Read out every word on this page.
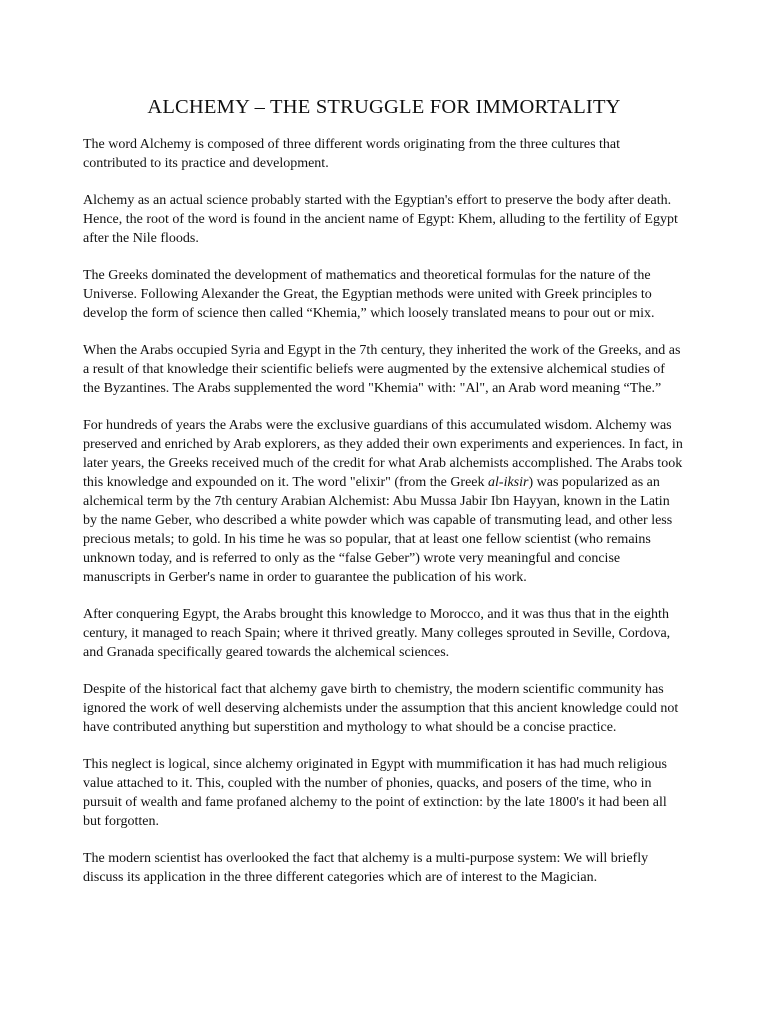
ALCHEMY – THE STRUGGLE FOR IMMORTALITY

The word Alchemy is composed of three different words originating from the three cultures that contributed to its practice and development.

Alchemy as an actual science probably started with the Egyptian's effort to preserve the body after death. Hence, the root of the word is found in the ancient name of Egypt: Khem, alluding to the fertility of Egypt after the Nile floods.

The Greeks dominated the development of mathematics and theoretical formulas for the nature of the Universe. Following Alexander the Great, the Egyptian methods were united with Greek principles to develop the form of science then called “Khemia,” which loosely translated means to pour out or mix.

When the Arabs occupied Syria and Egypt in the 7th century, they inherited the work of the Greeks, and as a result of that knowledge their scientific beliefs were augmented by the extensive alchemical studies of the Byzantines. The Arabs supplemented the word "Khemia" with: "Al", an Arab word meaning “The.”

For hundreds of years the Arabs were the exclusive guardians of this accumulated wisdom. Alchemy was preserved and enriched by Arab explorers, as they added their own experiments and experiences. In fact, in later years, the Greeks received much of the credit for what Arab alchemists accomplished. The Arabs took this knowledge and expounded on it. The word "elixir" (from the Greek al-iksir) was popularized as an alchemical term by the 7th century Arabian Alchemist: Abu Mussa Jabir Ibn Hayyan, known in the Latin by the name Geber, who described a white powder which was capable of transmuting lead, and other less precious metals; to gold. In his time he was so popular, that at least one fellow scientist (who remains unknown today, and is referred to only as the “false Geber”) wrote very meaningful and concise manuscripts in Gerber's name in order to guarantee the publication of his work.

After conquering Egypt, the Arabs brought this knowledge to Morocco, and it was thus that in the eighth century, it managed to reach Spain; where it thrived greatly. Many colleges sprouted in Seville, Cordova, and Granada specifically geared towards the alchemical sciences.

Despite of the historical fact that alchemy gave birth to chemistry, the modern scientific community has ignored the work of well deserving alchemists under the assumption that this ancient knowledge could not have contributed anything but superstition and mythology to what should be a concise practice.

This neglect is logical, since alchemy originated in Egypt with mummification it has had much religious value attached to it. This, coupled with the number of phonies, quacks, and posers of the time, who in pursuit of wealth and fame profaned alchemy to the point of extinction: by the late 1800's it had been all but forgotten.

The modern scientist has overlooked the fact that alchemy is a multi-purpose system: We will briefly discuss its application in the three different categories which are of interest to the Magician.
